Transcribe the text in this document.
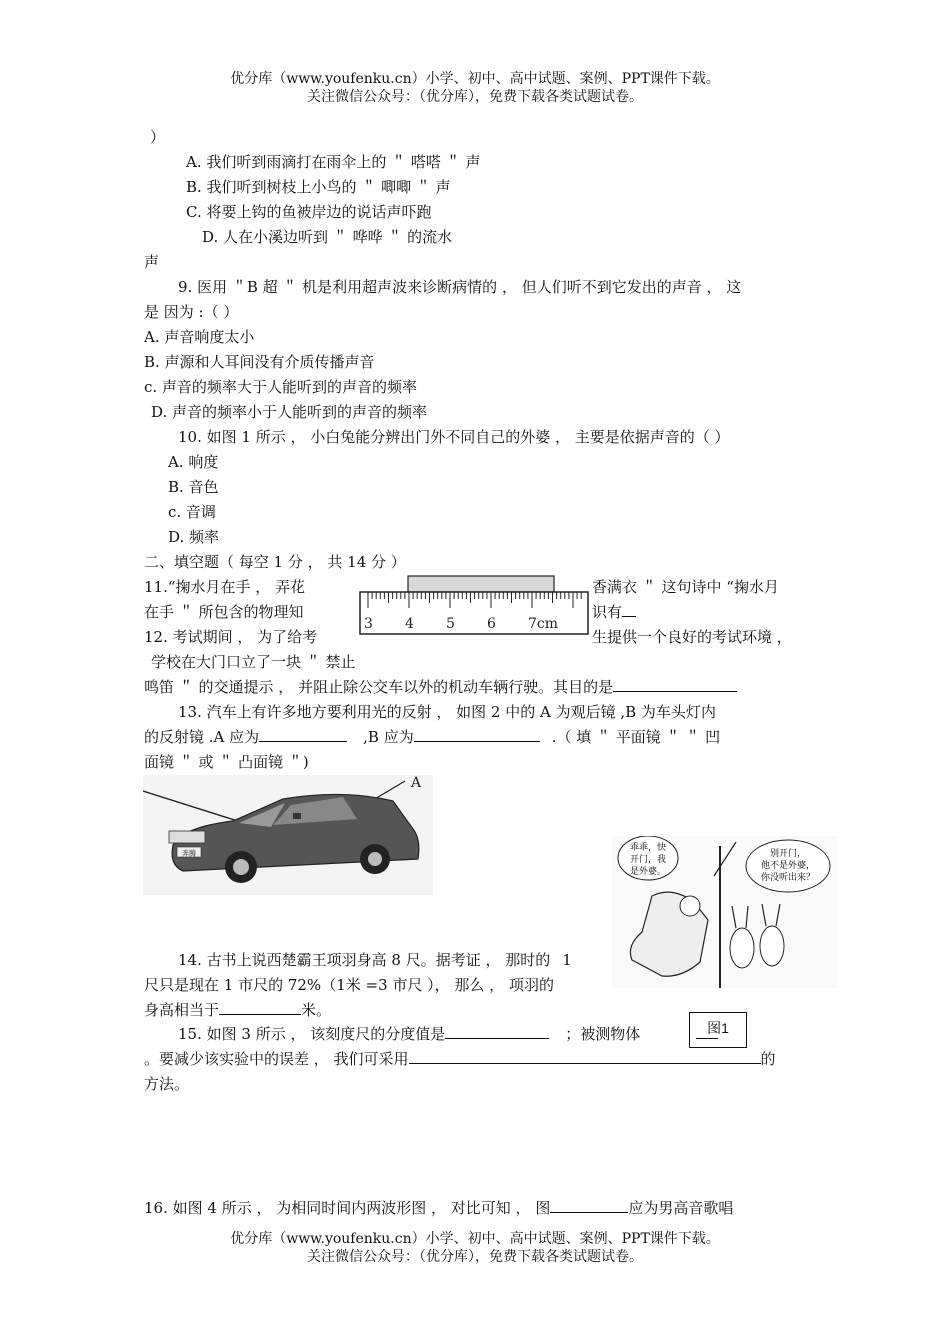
优分库（www.youfenku.cn）小学、初中、高中试题、案例、PPT课件下载。
关注微信公众号：（优分库），免费下载各类试题试卷。
）
A. 我们听到雨滴打在雨伞上的 ＂ 嗒嗒 ＂ 声
B. 我们听到树枝上小鸟的 ＂ 唧唧 ＂ 声
C. 将要上钩的鱼被岸边的说话声吓跑
D. 人在小溪边听到 ＂ 哗哗 ＂ 的流水
声
9. 医用 ＂B 超 ＂ 机是利用超声波来诊断病情的 ， 但人们听不到它发出的声音 ， 这
是 因为 :（ ）
A. 声音响度太小
B. 声源和人耳间没有介质传播声音
c. 声音的频率大于人能听到的声音的频率
D. 声音的频率小于人能听到的声音的频率
10. 如图 1 所示 ， 小白兔能分辨出门外不同自己的外婆 ， 主要是依据声音的（ ）
A. 响度
B. 音色
c. 音调
D. 频率
二、填空题（ 每空 1 分 ， 共 14 分 ）
11.“掬水月在手 ， 弄花	香满衣 ＂ 这句诗中 “掬水月
在手 ＂ 所包含的物理知	识有
3 4 5 6 7cm
12. 考试期间 ， 为了给考	生提供一个良好的考试环境 ，
学校在大门口立了一块 ＂ 禁止
鸣笛 ＂ 的交通提示 ， 并阻止除公交车以外的机动车辆行驶。其目的是
13. 汽车上有许多地方要利用光的反射 ， 如图 2 中的 A 为观后镜 ,B 为车头灯内
的反射镜 .A 应为	,B 应为	.（ 填 ＂ 平面镜 ＂ ＂ 凹
面镜 ＂ 或 ＂ 凸面镜 ＂)
A
奔腾
乖乖，快
开门，我
是外婆。
别开门，
他不是外婆，
你没听出来？
14. 古书上说西楚霸王项羽身高 8 尺。据考证 ， 那时的 1
尺只是现在 1 市尺的 72%（1米 =3 市尺 ）， 那么 ， 项羽的
身高相当于	米。
图1
15. 如图 3 所示 ， 该刻度尺的分度值是	；被测物体
。要减少该实验中的误差 ， 我们可采用	的
方法。
16. 如图 4 所示 ， 为相同时间内两波形图 ， 对比可知 ， 图	应为男高音歌唱
优分库（www.youfenku.cn）小学、初中、高中试题、案例、PPT课件下载。
关注微信公众号：（优分库），免费下载各类试题试卷。
